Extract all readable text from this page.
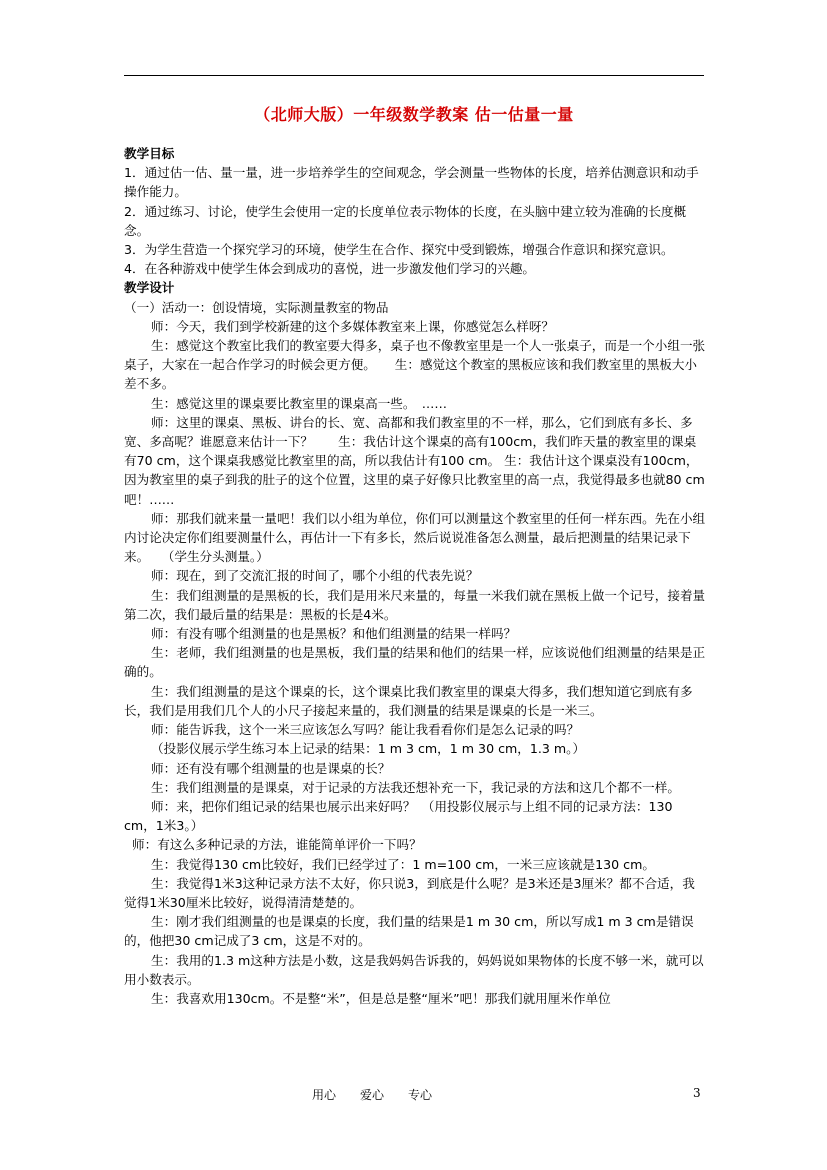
（北师大版）一年级数学教案 估一估量一量

教学目标

1．通过估一估、量一量，进一步培养学生的空间观念，学会测量一些物体的长度，培养估测意识和动手操作能力。

2．通过练习、讨论，使学生会使用一定的长度单位表示物体的长度，在头脑中建立较为准确的长度概念。

3．为学生营造一个探究学习的环境，使学生在合作、探究中受到锻炼，增强合作意识和探究意识。

4．在各种游戏中使学生体会到成功的喜悦，进一步激发他们学习的兴趣。

教学设计

（一）活动一：创设情境，实际测量教室的物品

师：今天，我们到学校新建的这个多媒体教室来上课，你感觉怎么样呀？

生：感觉这个教室比我们的教室要大得多，桌子也不像教室里是一个人一张桌子，而是一个小组一张桌子，大家在一起合作学习的时候会更方便。　　生：感觉这个教室的黑板应该和我们教室里的黑板大小差不多。

生：感觉这里的课桌要比教室里的课桌高一些。　……

师：这里的课桌、黑板、讲台的长、宽、高都和我们教室里的不一样，那么，它们到底有多长、多宽、多高呢？谁愿意来估计一下？　　生：我估计这个课桌的高有100cm，我们昨天量的教室里的课桌有70 cm，这个课桌我感觉比教室里的高，所以我估计有100 cm。 生：我估计这个课桌没有100cm，因为教室里的桌子到我的肚子的这个位置，这里的桌子好像只比教室里的高一点，我觉得最多也就80 cm吧！……

师：那我们就来量一量吧！我们以小组为单位，你们可以测量这个教室里的任何一样东西。先在小组内讨论决定你们组要测量什么，再估计一下有多长，然后说说准备怎么测量，最后把测量的结果记录下来。　　（学生分头测量。）

师：现在，到了交流汇报的时间了，哪个小组的代表先说？

生：我们组测量的是黑板的长，我们是用米尺来量的，每量一米我们就在黑板上做一个记号，接着量第二次，我们最后量的结果是：黑板的长是4米。

师：有没有哪个组测量的也是黑板？和他们组测量的结果一样吗？

生：老师，我们组测量的也是黑板，我们量的结果和他们的结果一样，应该说他们组测量的结果是正确的。

生：我们组测量的是这个课桌的长，这个课桌比我们教室里的课桌大得多，我们想知道它到底有多长，我们是用我们几个人的小尺子接起来量的，我们测量的结果是课桌的长是一米三。

师：能告诉我，这个一米三应该怎么写吗？能让我看看你们是怎么记录的吗？

（投影仪展示学生练习本上记录的结果：1 m 3 cm，1 m 30 cm，1.3 m。）

师：还有没有哪个组测量的也是课桌的长？

生：我们组测量的是课桌，对于记录的方法我还想补充一下，我记录的方法和这几个都不一样。

师：来，把你们组记录的结果也展示出来好吗？　（用投影仪展示与上组不同的记录方法：130 cm，1米3。）

师：有这么多种记录的方法，谁能简单评价一下吗？

生：我觉得130 cm比较好，我们已经学过了：1 m=100 cm，一米三应该就是130 cm。

生：我觉得1米3这种记录方法不太好，你只说3，到底是什么呢？是3米还是3厘米？都不合适，我觉得1米30厘米比较好，说得清清楚楚的。

生：刚才我们组测量的也是课桌的长度，我们量的结果是1 m 30 cm，所以写成1 m 3 cm是错误的，他把30 cm记成了3 cm，这是不对的。

生：我用的1.3 m这种方法是小数，这是我妈妈告诉我的，妈妈说如果物体的长度不够一米，就可以用小数表示。

生：我喜欢用130cm。不是整“米”，但是总是整“厘米”吧！那我们就用厘米作单位

用心　　爱心　　专心	3
